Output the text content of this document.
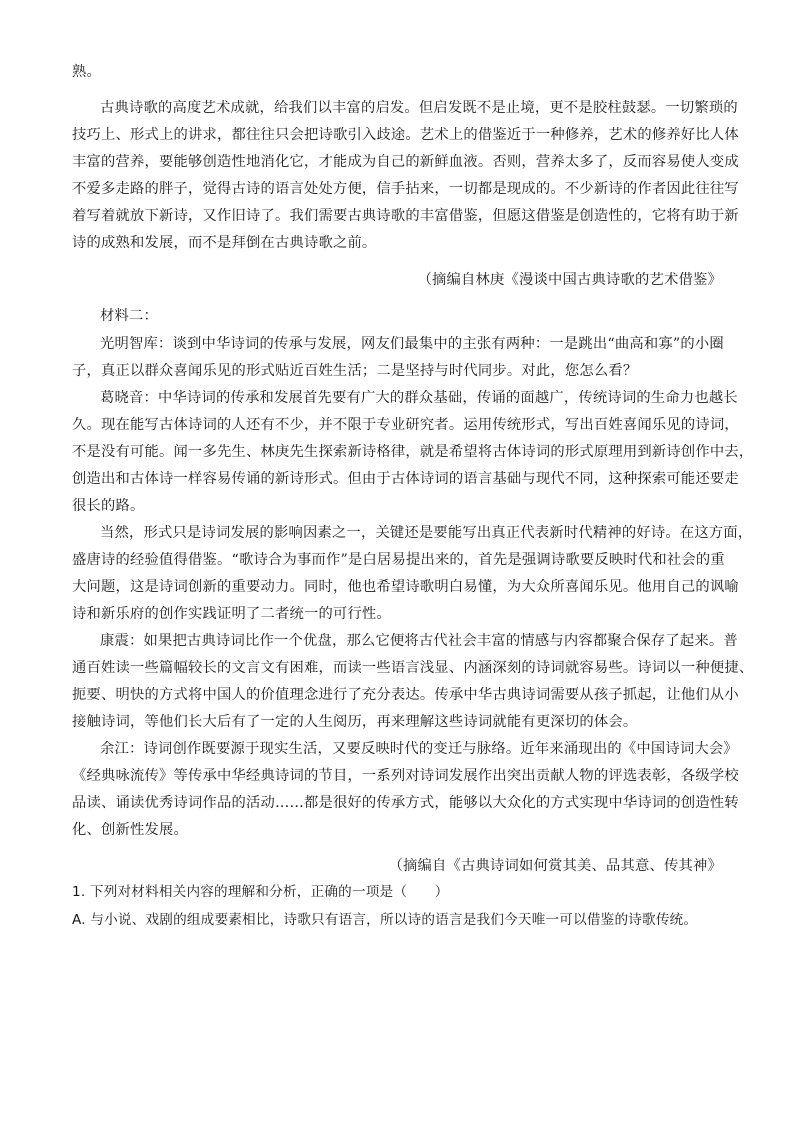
熟。
古典诗歌的高度艺术成就，给我们以丰富的启发。但启发既不是止境，更不是胶柱鼓瑟。一切繁琐的
技巧上、形式上的讲求，都往往只会把诗歌引入歧途。艺术上的借鉴近于一种修养，艺术的修养好比人体
丰富的营养，要能够创造性地消化它，才能成为自己的新鲜血液。否则，营养太多了，反而容易使人变成
不爱多走路的胖子，觉得古诗的语言处处方便，信手拈来，一切都是现成的。不少新诗的作者因此往往写
着写着就放下新诗，又作旧诗了。我们需要古典诗歌的丰富借鉴，但愿这借鉴是创造性的，它将有助于新
诗的成熟和发展，而不是拜倒在古典诗歌之前。
（摘编自林庚《漫谈中国古典诗歌的艺术借鉴》
材料二：
光明智库：谈到中华诗词的传承与发展，网友们最集中的主张有两种：一是跳出“曲高和寡”的小圈
子，真正以群众喜闻乐见的形式贴近百姓生活；二是坚持与时代同步。对此，您怎么看？
葛晓音：中华诗词的传承和发展首先要有广大的群众基础，传诵的面越广，传统诗词的生命力也越长
久。现在能写古体诗词的人还有不少，并不限于专业研究者。运用传统形式，写出百姓喜闻乐见的诗词，
不是没有可能。闻一多先生、林庚先生探索新诗格律，就是希望将古体诗词的形式原理用到新诗创作中去，
创造出和古体诗一样容易传诵的新诗形式。但由于古体诗词的语言基础与现代不同，这种探索可能还要走
很长的路。
当然，形式只是诗词发展的影响因素之一，关键还是要能写出真正代表新时代精神的好诗。在这方面，
盛唐诗的经验值得借鉴。“歌诗合为事而作”是白居易提出来的，首先是强调诗歌要反映时代和社会的重
大问题，这是诗词创新的重要动力。同时，他也希望诗歌明白易懂，为大众所喜闻乐见。他用自己的讽喻
诗和新乐府的创作实践证明了二者统一的可行性。
康震：如果把古典诗词比作一个优盘，那么它便将古代社会丰富的情感与内容都聚合保存了起来。普
通百姓读一些篇幅较长的文言文有困难，而读一些语言浅显、内涵深刻的诗词就容易些。诗词以一种便捷、
扼要、明快的方式将中国人的价值理念进行了充分表达。传承中华古典诗词需要从孩子抓起，让他们从小
接触诗词，等他们长大后有了一定的人生阅历，再来理解这些诗词就能有更深切的体会。
余江：诗词创作既要源于现实生活，又要反映时代的变迁与脉络。近年来涌现出的《中国诗词大会》
《经典咏流传》等传承中华经典诗词的节目，一系列对诗词发展作出突出贡献人物的评选表彰，各级学校
品读、诵读优秀诗词作品的活动……都是很好的传承方式，能够以大众化的方式实现中华诗词的创造性转
化、创新性发展。
（摘编自《古典诗词如何赏其美、品其意、传其神》
1. 下列对材料相关内容的理解和分析，正确的一项是（　　）
A. 与小说、戏剧的组成要素相比，诗歌只有语言，所以诗的语言是我们今天唯一可以借鉴的诗歌传统。
